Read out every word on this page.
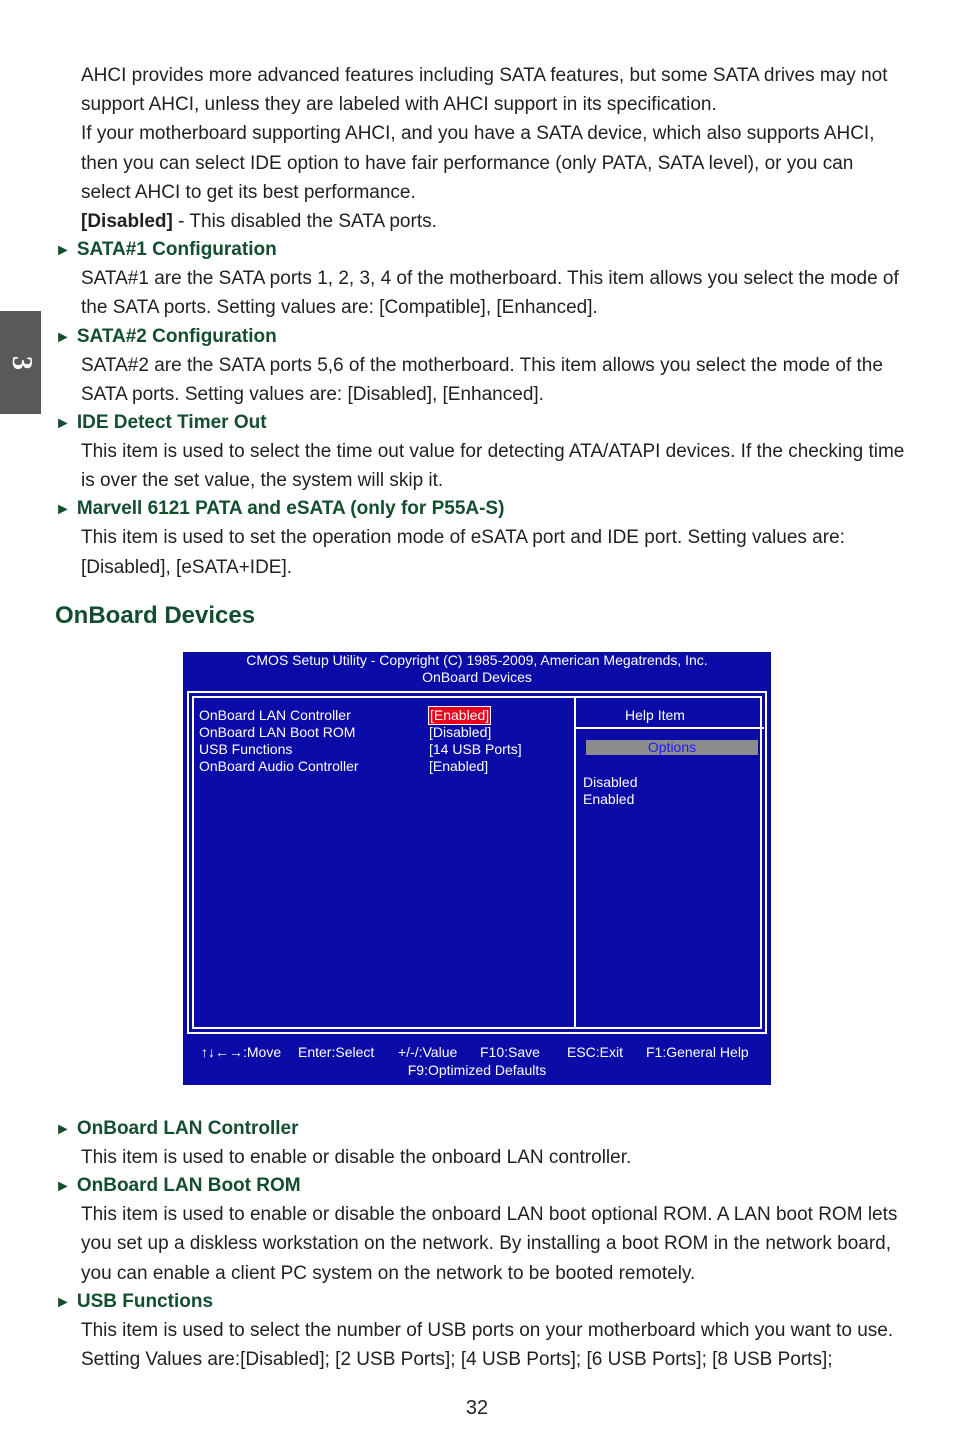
3

AHCI provides more advanced features including SATA features, but some SATA drives may not support AHCI, unless they are labeled with AHCI support in its specification.

If your motherboard supporting AHCI, and you have a SATA device, which also supports AHCI, then you can select IDE option to have fair performance (only PATA, SATA level), or you can select AHCI to get its best performance.

[Disabled] - This disabled the SATA ports.

► SATA#1 Configuration

SATA#1 are the SATA ports 1, 2, 3, 4 of the motherboard. This item allows you select the mode of the SATA ports. Setting values are: [Compatible], [Enhanced].

► SATA#2 Configuration

SATA#2 are the SATA ports 5,6 of the motherboard. This item allows you select the mode of the SATA ports. Setting values are: [Disabled], [Enhanced].

► IDE Detect Timer Out

This item is used to select the time out value for detecting ATA/ATAPI devices. If the checking time is over the set value, the system will skip it.

► Marvell 6121 PATA and eSATA (only for P55A-S)

This item is used to set the operation mode of eSATA port and IDE port. Setting values are: [Disabled], [eSATA+IDE].

OnBoard Devices
CMOS Setup Utility - Copyright (C) 1985-2009, American Megatrends, Inc.
OnBoard Devices
OnBoard LAN Controller	[Enabled]
OnBoard LAN Boot ROM	[Disabled]
USB Functions	[14 USB Ports]
OnBoard Audio Controller	[Enabled]
Help Item
Options
Disabled
Enabled
↑↓←→:Move Enter:Select +/-/:Value F10:Save ESC:Exit F1:General Help
F9:Optimized Defaults
► OnBoard LAN Controller

This item is used to enable or disable the onboard LAN controller.

► OnBoard LAN Boot ROM

This item is used to enable or disable the onboard LAN boot optional ROM. A LAN boot ROM lets you set up a diskless workstation on the network. By installing a boot ROM in the network board, you can enable a client PC system on the network to be booted remotely.

► USB Functions

This item is used to select the number of USB ports on your motherboard which you want to use. Setting Values are:[Disabled]; [2 USB Ports]; [4 USB Ports]; [6 USB Ports]; [8 USB Ports];

32
